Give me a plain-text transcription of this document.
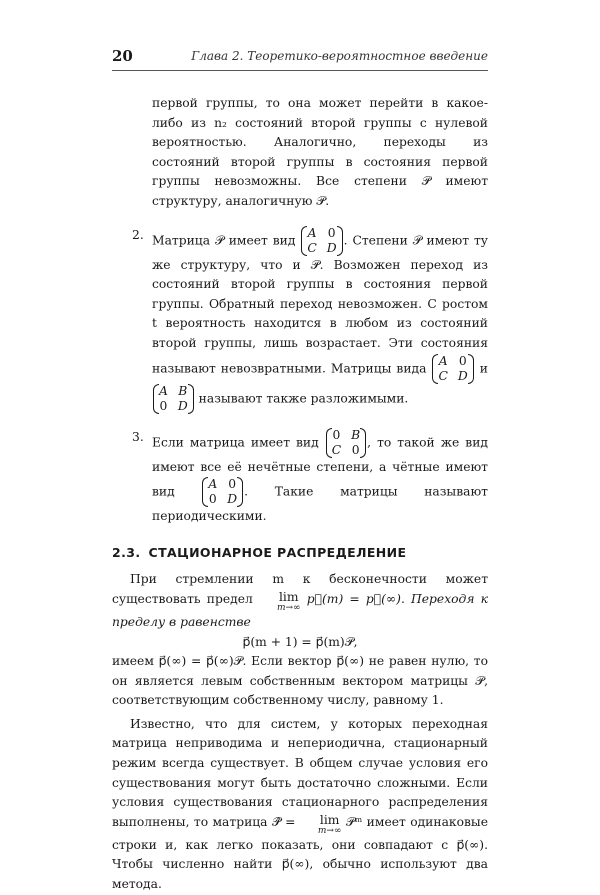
20	Глава 2. Теоретико-вероятностное введение

первой группы, то она может перейти в какое-либо из n₂ состояний второй группы с нулевой вероятностью. Аналогично, переходы из состояний второй группы в состояния первой группы невозможны. Все степени 𝒫 имеют структуру, аналогичную 𝒫.

2. Матрица 𝒫 имеет вид A	0
C	D
. Степени 𝒫 имеют ту же структуру, что и 𝒫. Возможен переход из состояний второй группы в состояния первой группы. Обратный переход невозможен. С ростом t вероятность находится в любом из состояний второй группы, лишь возрастает. Эти состояния называют невозвратными. Матрицы вида A	0
C	D
и A	B
0	D
называют также разложимыми.
3. Если матрица имеет вид 0	B
C	0
, то такой же вид имеют все её нечётные степени, а чётные имеют вид A	0
0	D
. Такие матрицы называют периодическими.
2.3. СТАЦИОНАРНОЕ РАСПРЕДЕЛЕНИЕ

При стремлении m к бесконечности может существовать предел lim
m→∞
p⃗(m) = p⃗(∞). Переходя к пределу в равенстве

p⃗(m + 1) = p⃗(m)𝒫,

имеем p⃗(∞) = p⃗(∞)𝒫. Если вектор p⃗(∞) не равен нулю, то он является левым собственным вектором матрицы 𝒫, соответствующим собственному числу, равному 1.

Известно, что для систем, у которых переходная матрица неприводима и непериодична, стационарный режим всегда существует. В общем случае условия его существования могут быть достаточно сложными. Если условия существования стационарного распределения выполнены, то матрица 𝒫̂ = lim
m→∞
𝒫ᵐ имеет одинаковые строки и, как легко показать, они совпадают с p⃗(∞). Чтобы численно найти p⃗(∞), обычно используют два метода.
